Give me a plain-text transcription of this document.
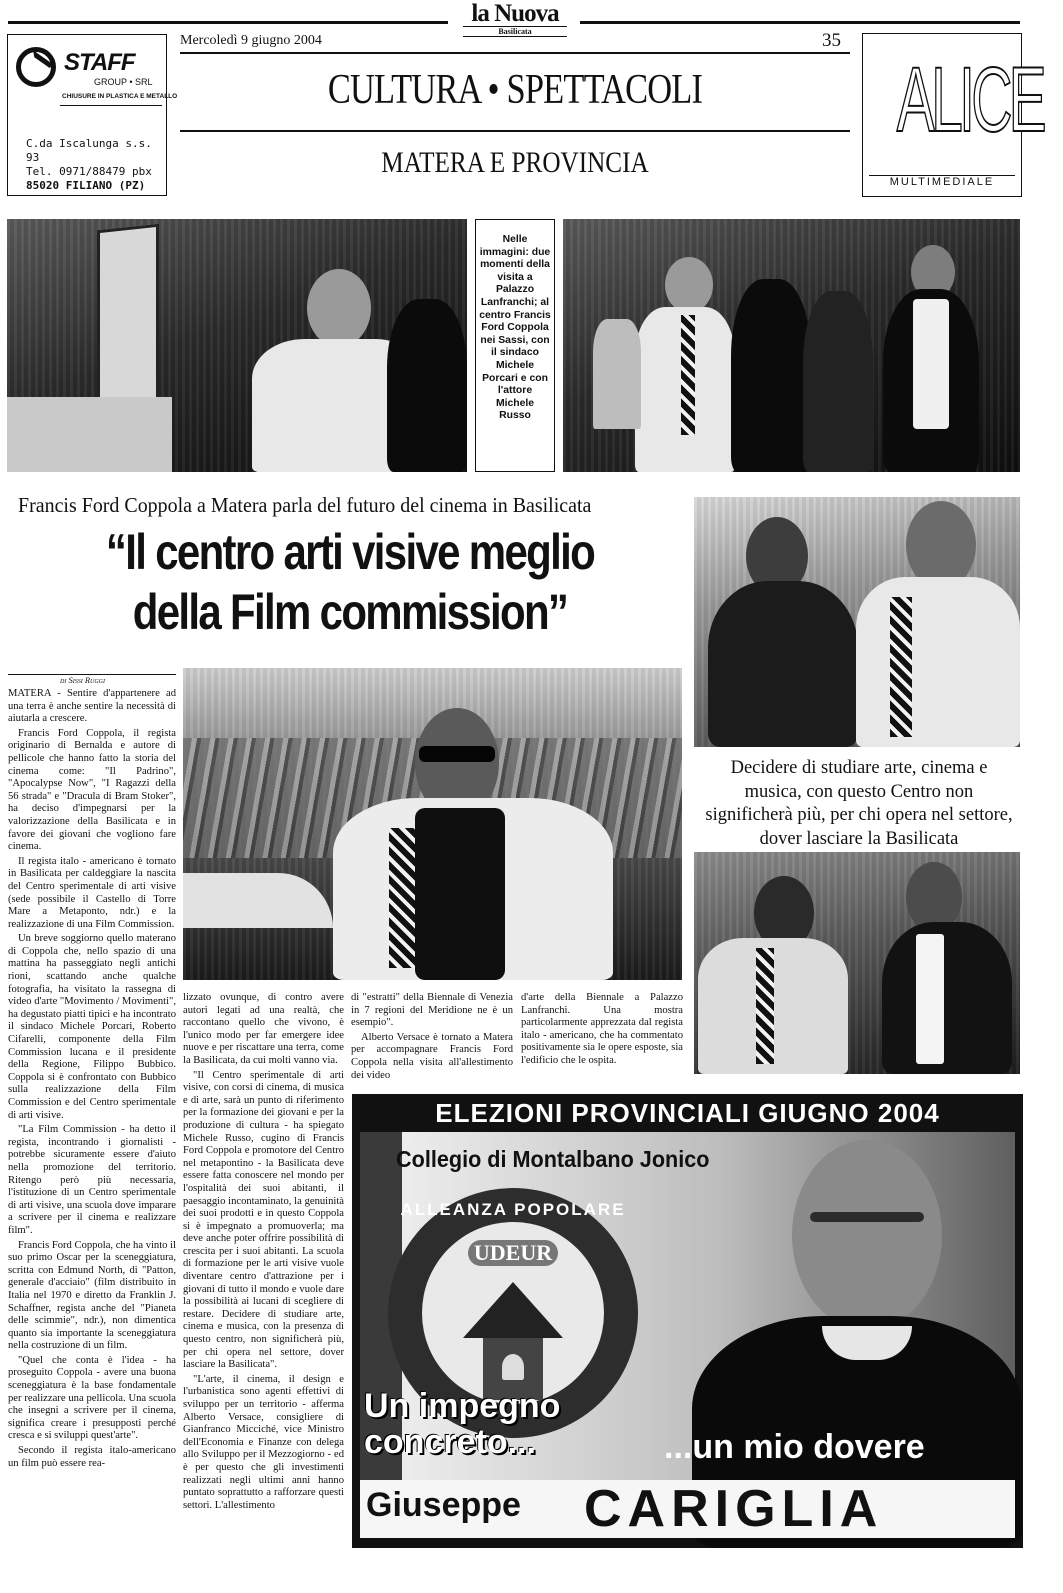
la Nuova
Basilicata
STAFF
GROUP • SRL
CHIUSURE IN PLASTICA E METALLO
C.da Iscalunga s.s. 93
Tel. 0971/88479 pbx
85020 FILIANO (PZ)
Mercoledì 9 giugno 2004	35
CULTURA • SPETTACOLI
MATERA E PROVINCIA
ALICE
MULTIMEDIALE
Nelle immagini: due momenti della visita a Palazzo Lanfranchi; al centro Francis Ford Coppola nei Sassi, con il sindaco Michele Porcari e con l'attore Michele Russo
Francis Ford Coppola a Matera parla del futuro del cinema in Basilicata
“Il centro arti visive meglio
della Film commission”
di Sissi Ruggi
Decidere di studiare arte, cinema e musica, con questo Centro non significherà più, per chi opera nel settore, dover lasciare la Basilicata

MATERA - Sentire d'appartenere ad una terra è anche sentire la necessità di aiutarla a crescere.

Francis Ford Coppola, il regista originario di Bernalda e autore di pellicole che hanno fatto la storia del cinema come: "Il Padrino", "Apocalypse Now", "I Ragazzi della 56 strada" e "Dracula di Bram Stoker", ha deciso d'impegnarsi per la valorizzazione della Basilicata e in favore dei giovani che vogliono fare cinema.

Il regista italo - americano è tornato in Basilicata per caldeggiare la nascita del Centro sperimentale di arti visive (sede possibile il Castello di Torre Mare a Metaponto, ndr.) e la realizzazione di una Film Commission.

Un breve soggiorno quello materano di Coppola che, nello spazio di una mattina ha passeggiato negli antichi rioni, scattando anche qualche fotografia, ha visitato la rassegna di video d'arte "Movimento / Movimenti", ha degustato piatti tipici e ha incontrato il sindaco Michele Porcari, Roberto Cifarelli, componente della Film Commission lucana e il presidente della Regione, Filippo Bubbico. Coppola si è confrontato con Bubbico sulla realizzazione della Film Commission e del Centro sperimentale di arti visive.

"La Film Commission - ha detto il regista, incontrando i giornalisti - potrebbe sicuramente essere d'aiuto nella promozione del territorio. Ritengo però più necessaria, l'istituzione di un Centro sperimentale di arti visive, una scuola dove imparare a scrivere per il cinema e realizzare film".

Francis Ford Coppola, che ha vinto il suo primo Oscar per la sceneggiatura, scritta con Edmund North, di "Patton, generale d'acciaio" (film distribuito in Italia nel 1970 e diretto da Franklin J. Schaffner, regista anche del "Pianeta delle scimmie", ndr.), non dimentica quanto sia importante la sceneggiatura nella costruzione di un film.

"Quel che conta è l'idea - ha proseguito Coppola - avere una buona sceneggiatura è la base fondamentale per realizzare una pellicola. Una scuola che insegni a scrivere per il cinema, significa creare i presupposti perché cresca e si sviluppi quest'arte".

Secondo il regista italo-americano un film può essere rea-

lizzato ovunque, di contro avere autori legati ad una realtà, che raccontano quello che vivono, è l'unico modo per far emergere idee nuove e per riscattare una terra, come la Basilicata, da cui molti vanno via.

"Il Centro sperimentale di arti visive, con corsi di cinema, di musica e di arte, sarà un punto di riferimento per la formazione dei giovani e per la produzione di cultura - ha spiegato Michele Russo, cugino di Francis Ford Coppola e promotore del Centro nel metapontino - la Basilicata deve essere fatta conoscere nel mondo per l'ospitalità dei suoi abitanti, il paesaggio incontaminato, la genuinità dei suoi prodotti e in questo Coppola si è impegnato a promuoverla; ma deve anche poter offrire possibilità di crescita per i suoi abitanti. La scuola di formazione per le arti visive vuole diventare centro d'attrazione per i giovani di tutto il mondo e vuole dare la possibilità ai lucani di scegliere di restare. Decidere di studiare arte, cinema e musica, con la presenza di questo centro, non significherà più, per chi opera nel settore, dover lasciare la Basilicata".

"L'arte, il cinema, il design e l'urbanistica sono agenti effettivi di sviluppo per un territorio - afferma Alberto Versace, consigliere di Gianfranco Micciché, vice Ministro dell'Economia e Finanze con delega allo Sviluppo per il Mezzogiorno - ed è per questo che gli investimenti realizzati negli ultimi anni hanno puntato soprattutto a rafforzare questi settori. L'allestimento

di "estratti" della Biennale di Venezia in 7 regioni del Meridione ne è un esempio".

Alberto Versace è tornato a Matera per accompagnare Francis Ford Coppola nella visita all'allestimento dei video

d'arte della Biennale a Palazzo Lanfranchi. Una mostra particolarmente apprezzata dal regista italo - americano, che ha commentato positivamente sia le opere esposte, sia l'edificio che le ospita.

ELEZIONI PROVINCIALI GIUGNO 2004
Collegio di Montalbano Jonico
ALLEANZA POPOLARE
UDEUR
Un impegno
concreto...	...un mio dovere
Giuseppe CARIGLIA
